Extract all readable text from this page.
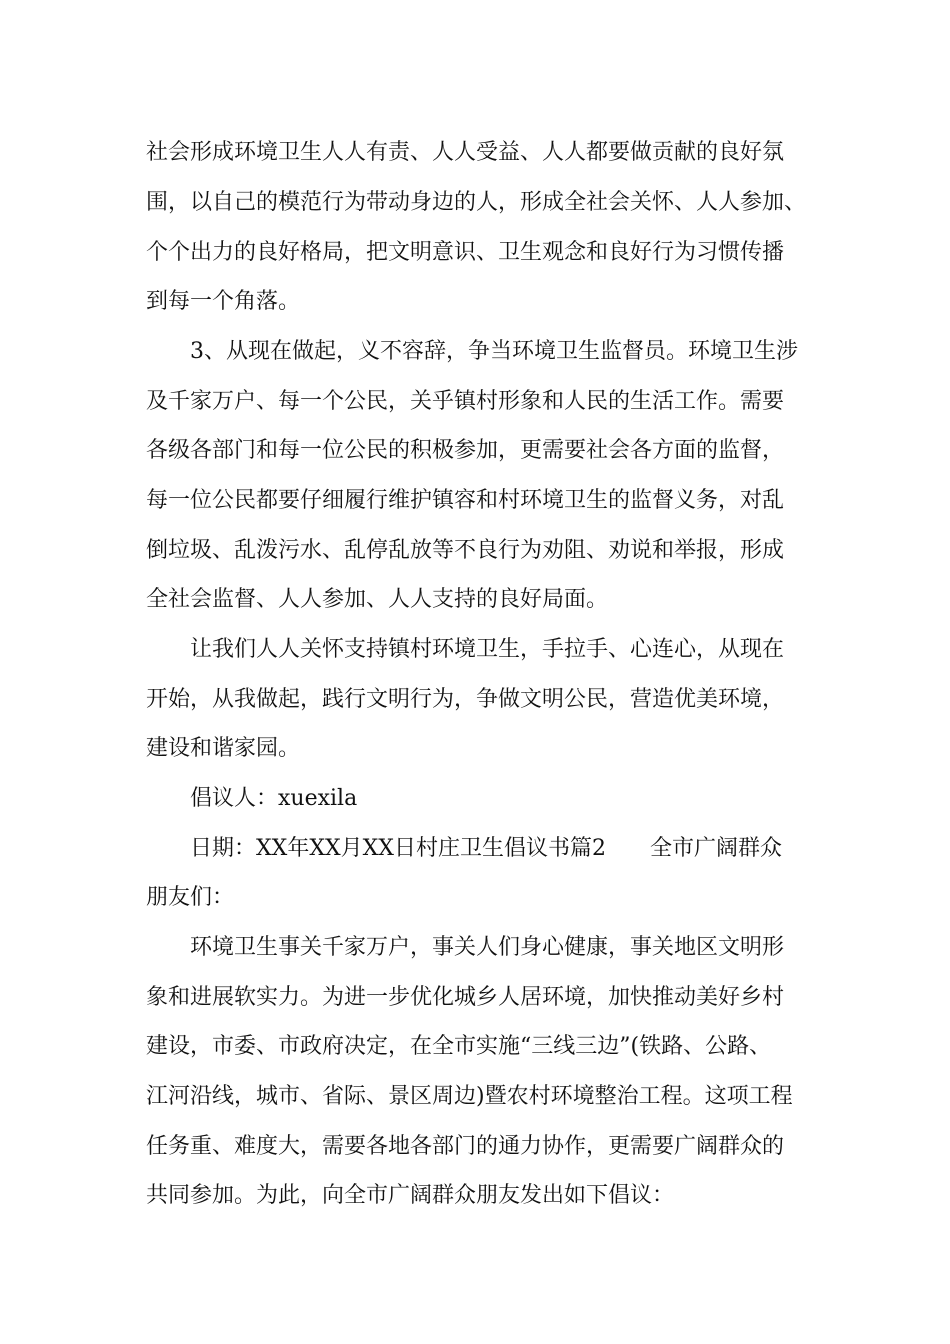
社会形成环境卫生人人有责、人人受益、人人都要做贡献的良好氛

围，以自己的模范行为带动身边的人，形成全社会关怀、人人参加、

个个出力的良好格局，把文明意识、卫生观念和良好行为习惯传播

到每一个角落。

3、从现在做起，义不容辞，争当环境卫生监督员。环境卫生涉

及千家万户、每一个公民，关乎镇村形象和人民的生活工作。需要

各级各部门和每一位公民的积极参加，更需要社会各方面的监督，

每一位公民都要仔细履行维护镇容和村环境卫生的监督义务，对乱

倒垃圾、乱泼污水、乱停乱放等不良行为劝阻、劝说和举报，形成

全社会监督、人人参加、人人支持的良好局面。

让我们人人关怀支持镇村环境卫生，手拉手、心连心，从现在

开始，从我做起，践行文明行为，争做文明公民，营造优美环境，

建设和谐家园。

倡议人：xuexila

日期：XX年XX月XX日村庄卫生倡议书篇2　　全市广阔群众

朋友们：

环境卫生事关千家万户，事关人们身心健康，事关地区文明形

象和进展软实力。为进一步优化城乡人居环境，加快推动美好乡村

建设，市委、市政府决定，在全市实施“三线三边”(铁路、公路、

江河沿线，城市、省际、景区周边)暨农村环境整治工程。这项工程

任务重、难度大，需要各地各部门的通力协作，更需要广阔群众的

共同参加。为此，向全市广阔群众朋友发出如下倡议：
